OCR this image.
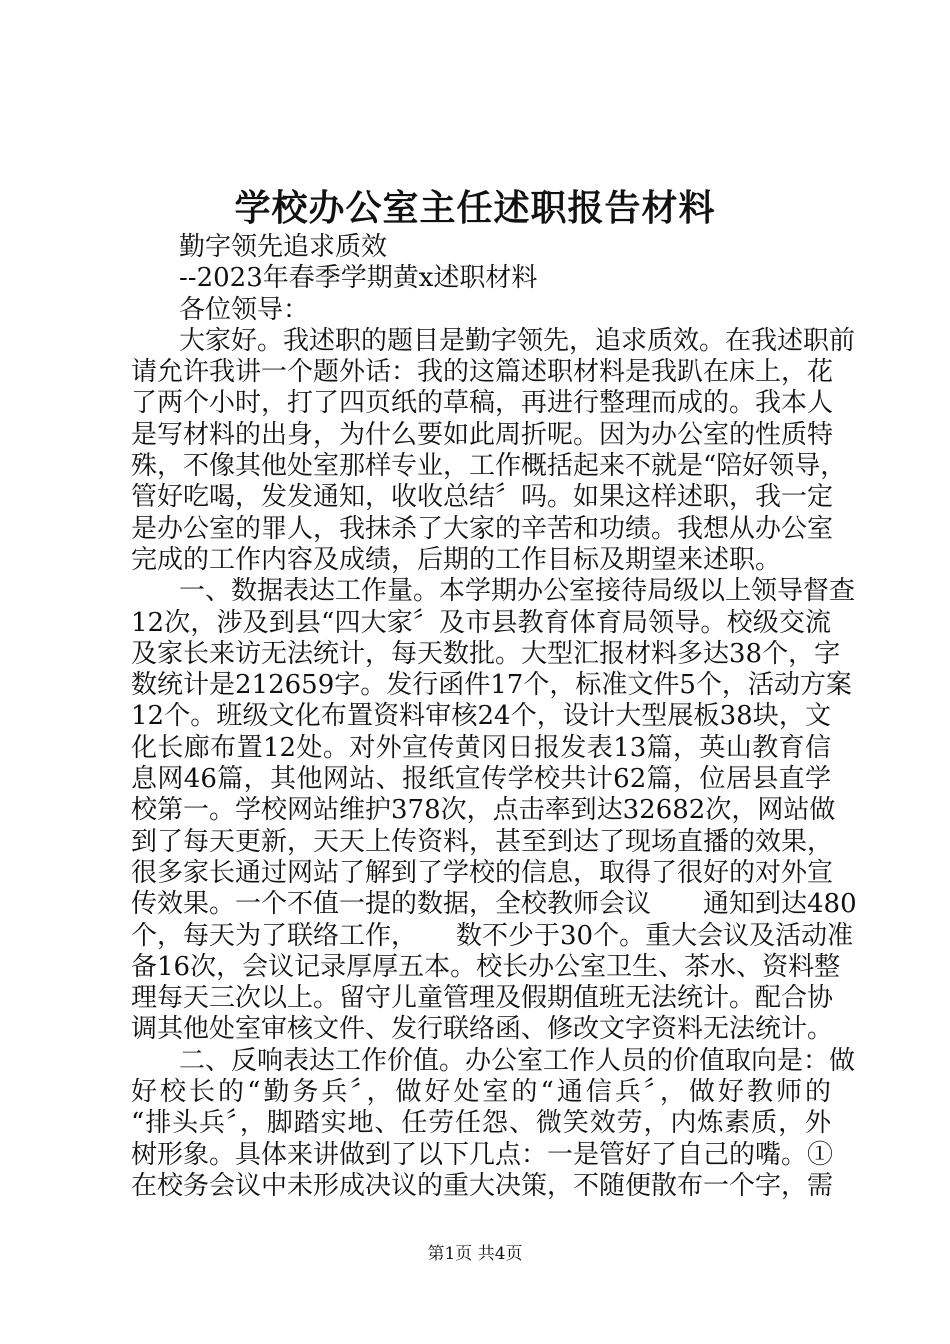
学校办公室主任述职报告材料
勤字领先追求质效
--2023年春季学期黄x述职材料
各位领导：
大家好。我述职的题目是勤字领先，追求质效。在我述职前
请允许我讲一个题外话：我的这篇述职材料是我趴在床上，花
了两个小时，打了四页纸的草稿，再进行整理而成的。我本人
是写材料的出身，为什么要如此周折呢。因为办公室的性质特
殊，不像其他处室那样专业，工作概括起来不就是“陪好领导，
管好吃喝，发发通知，收收总结〞吗。如果这样述职，我一定
是办公室的罪人，我抹杀了大家的辛苦和功绩。我想从办公室
完成的工作内容及成绩，后期的工作目标及期望来述职。
一、数据表达工作量。本学期办公室接待局级以上领导督查
12次，涉及到县“四大家〞及市县教育体育局领导。校级交流
及家长来访无法统计，每天数批。大型汇报材料多达38个，字
数统计是212659字。发行函件17个，标准文件5个，活动方案
12个。班级文化布置资料审核24个，设计大型展板38块，文
化长廊布置12处。对外宣传黄冈日报发表13篇，英山教育信
息网46篇，其他网站、报纸宣传学校共计62篇，位居县直学
校第一。学校网站维护378次，点击率到达32682次，网站做
到了每天更新，天天上传资料，甚至到达了现场直播的效果，
很多家长通过网站了解到了学校的信息，取得了很好的对外宣
传效果。一个不值一提的数据，全校教师会议　　通知到达480
个，每天为了联络工作，　　数不少于30个。重大会议及活动准
备16次，会议记录厚厚五本。校长办公室卫生、茶水、资料整
理每天三次以上。留守儿童管理及假期值班无法统计。配合协
调其他处室审核文件、发行联络函、修改文字资料无法统计。
二、反响表达工作价值。办公室工作人员的价值取向是：做
好校长的“勤务兵〞，做好处室的“通信兵〞，做好教师的
“排头兵〞，脚踏实地、任劳任怨、微笑效劳，内炼素质，外
树形象。具体来讲做到了以下几点：一是管好了自己的嘴。①
在校务会议中未形成决议的重大决策，不随便散布一个字，需
第1页 共4页
